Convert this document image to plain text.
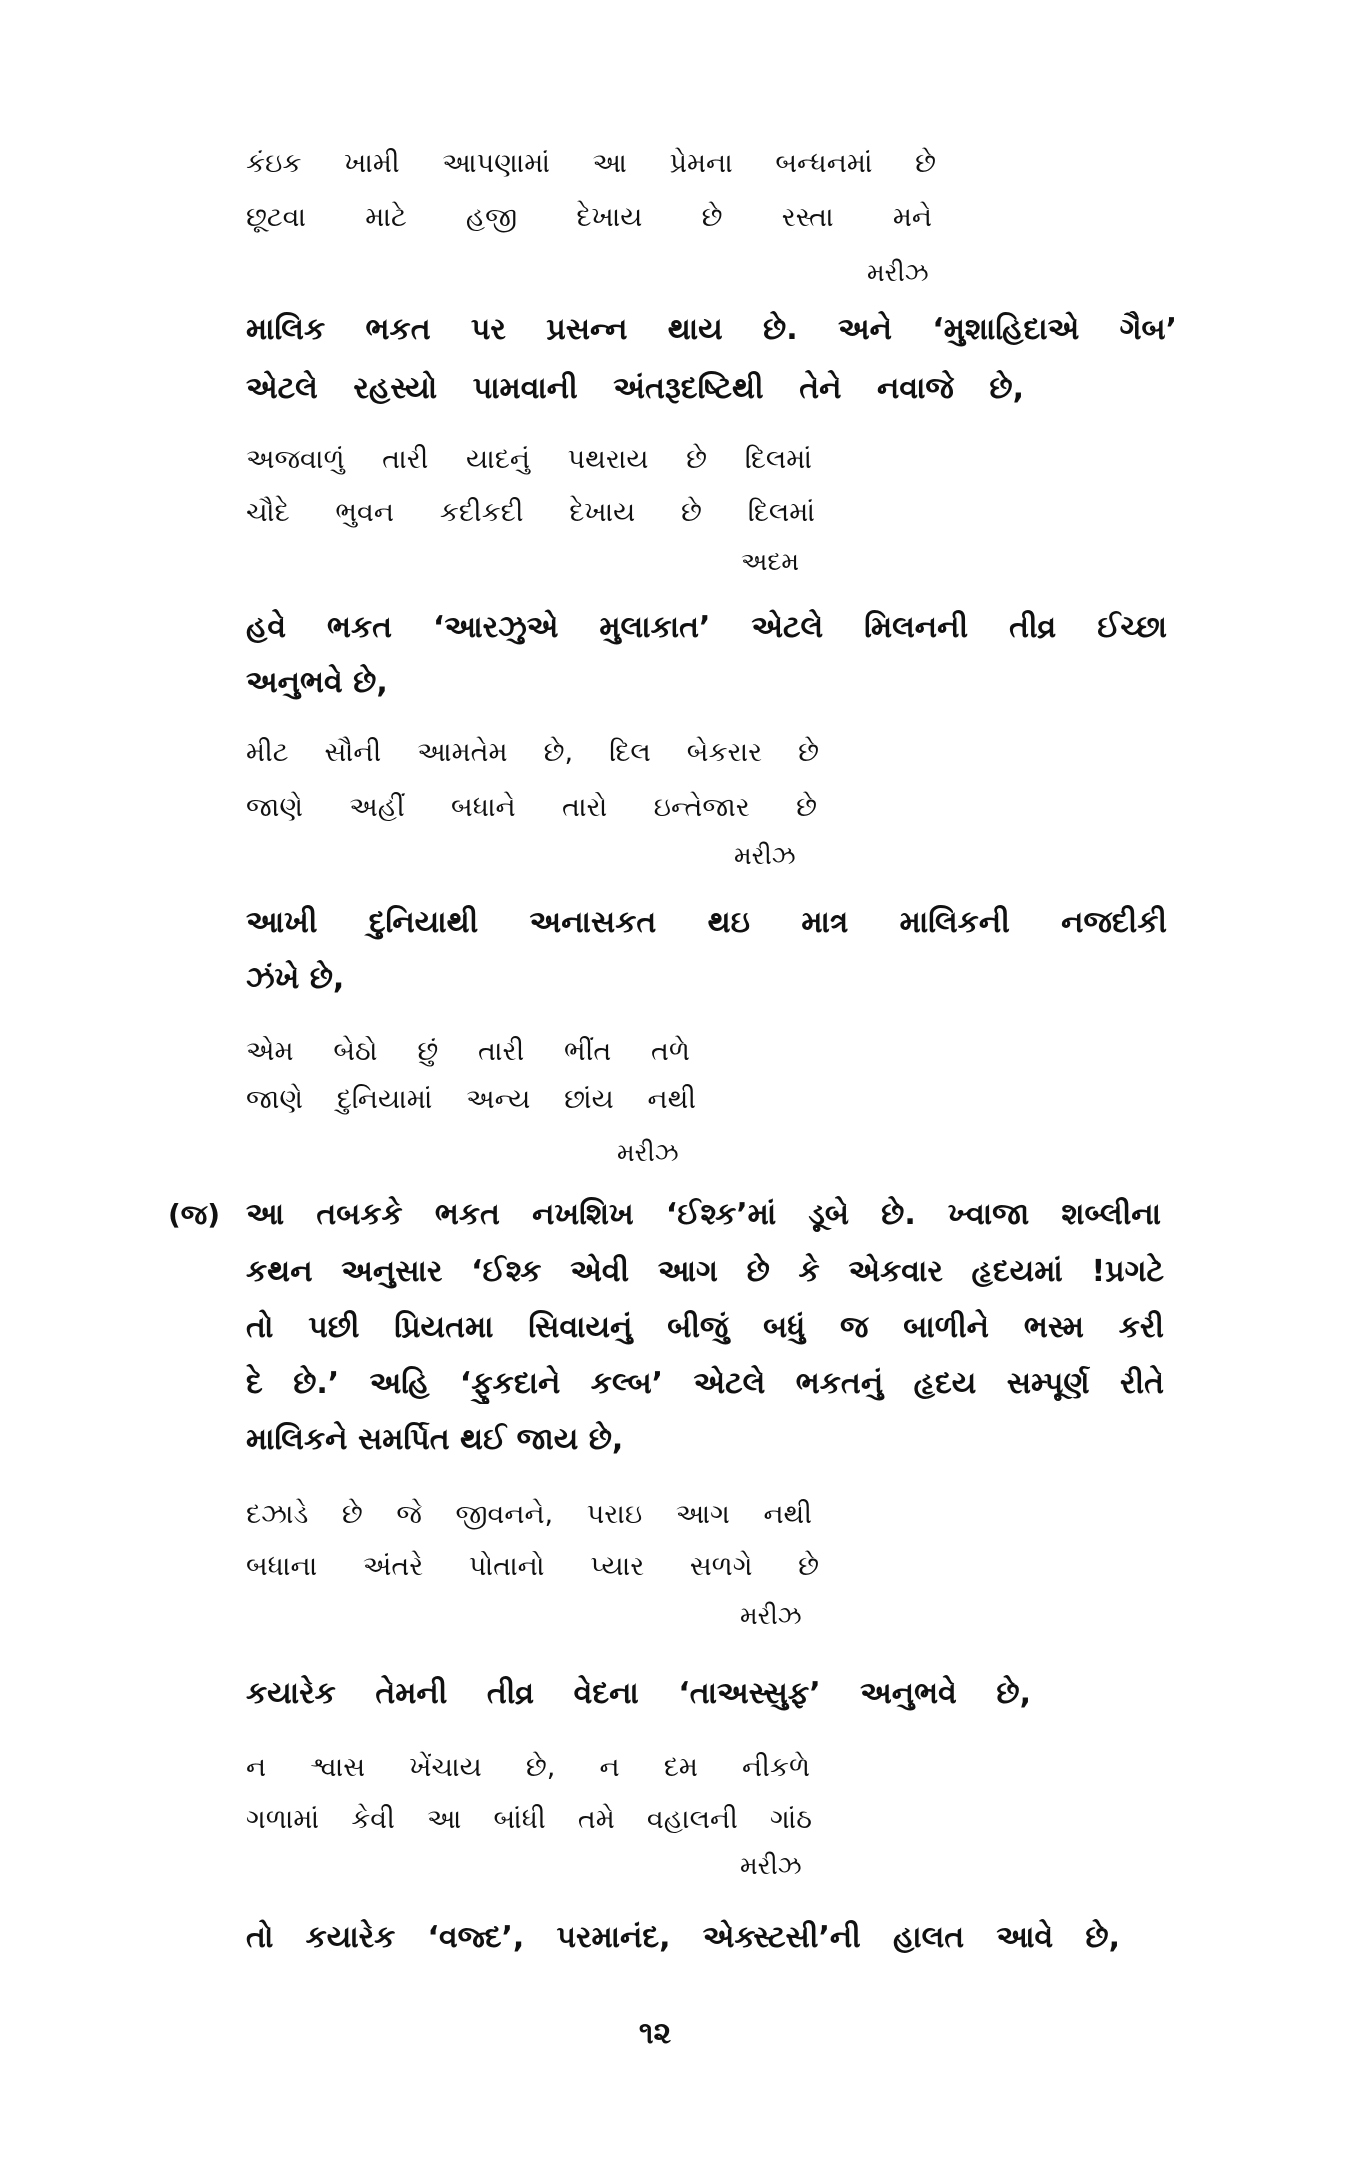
કંઇક ખામી આપણામાં આ પ્રેમના બન્ધનમાં છે
છૂટવા માટે હજી દેખાય છે રસ્તા મને
મરીઝ
માલિક ભકત પર પ્રસન્ન થાય છે. અને ‘મુશાહિદાએ ગૈબ’
એટલે રહસ્યો પામવાની અંતરૂદષ્ટિથી તેને નવાજે છે,
અજવાળું તારી યાદનું પથરાય છે દિલમાં
ચૌદે ભુવન કદીકદી દેખાય છે દિલમાં
અદમ
હવે ભકત ‘આરઝુએ મુલાકાત’ એટલે મિલનની તીવ્ર ઈચ્છા
અનુભવે છે,
મીટ સૌની આમતેમ છે, દિલ બેકરાર છે
જાણે અહીં બધાને તારો ઇન્તેજાર છે
મરીઝ
આખી દુનિયાથી અનાસકત થઇ માત્ર માલિકની નજદીકી
ઝંખે છે,
એમ બેઠો છું તારી ભીંત તળે
જાણે દુનિયામાં અન્ય છાંય નથી
મરીઝ
(જ) આ તબકકે ભકત નખશિખ ‘ઈશ્ક’માં ડૂબે છે. ખ્વાજા શબ્લીના
કથન અનુસાર ‘ઈશ્ક એવી આગ છે કે એકવાર હૃદયમાં !પ્રગટે
તો પછી પ્રિયતમા સિવાયનું બીજું બધું જ બાળીને ભસ્મ કરી
દે છે.’ અહિ ‘ફુકદાને કલ્બ’ એટલે ભકતનું હૃદય સમ્પૂર્ણ રીતે
માલિકને સમર્પિત થઈ જાય છે,
દઝાડે છે જે જીવનને, પરાઇ આગ નથી
બધાના અંતરે પોતાનો પ્યાર સળગે છે
મરીઝ
કયારેક તેમની તીવ્ર વેદના ‘તાઅસ્સુફ’ અનુભવે છે,
ન શ્વાસ ખેંચાય છે, ન દમ નીકળે
ગળામાં કેવી આ બાંધી તમે વહાલની ગાંઠ
મરીઝ
તો કયારેક ‘વજ્દ’, પરમાનંદ, એક્સ્ટસી’ની હાલત આવે છે,
૧૨
